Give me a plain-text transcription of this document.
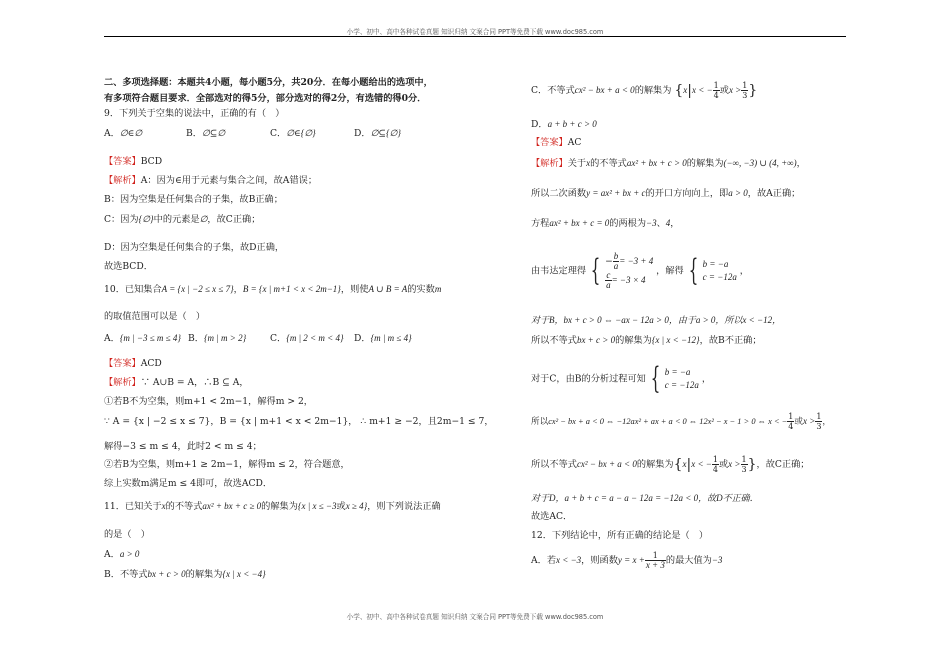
小学、初中、高中各种试卷真题 知识归纳 文案合同 PPT等免费下载 www.doc985.com
二、多项选择题：本题共4小题，每小题5分，共20分．在每小题给出的选项中，
有多项符合题目要求．全部选对的得5分，部分选对的得2分，有选错的得0分．
9．下列关于空集的说法中，正确的有（　）
A．∅∈∅	B．∅⊆∅	C．∅∈{∅}	D．∅⊆{∅}
【答案】BCD
【解析】A：因为∈用于元素与集合之间，故A错误；
B：因为空集是任何集合的子集，故B正确；
C：因为{∅}中的元素是∅，故C正确；
D：因为空集是任何集合的子集，故D正确，
故选BCD．
10．已知集合A = {x | −2 ≤ x ≤ 7}，B = {x | m+1 < x < 2m−1}，则使A ∪ B = A的实数m
的取值范围可以是（　）
A．{m | −3 ≤ m ≤ 4} B．{m | m > 2}	C．{m | 2 < m < 4}	D．{m | m ≤ 4}
【答案】ACD
【解析】∵ A∪B = A，∴B ⊆ A，
①若B不为空集，则m+1 < 2m−1，解得m > 2，
∵ A = {x | −2 ≤ x ≤ 7}，B = {x | m+1 < x < 2m−1}， ∴ m+1 ≥ −2，且2m−1 ≤ 7，
解得−3 ≤ m ≤ 4，此时2 < m ≤ 4；
②若B为空集，则m+1 ≥ 2m−1，解得m ≤ 2，符合题意，
综上实数m满足m ≤ 4即可，故选ACD．
11．已知关于x的不等式ax² + bx + c ≥ 0的解集为{x | x ≤ −3或x ≥ 4}，则下列说法正确
的是（　）
A．a > 0
B．不等式bx + c > 0的解集为{x | x < −4}
C．不等式cx² − bx + a < 0的解集为 {x|x < − $\frac{1}{4}$ 或$x > \frac{1}{3}$ }
D．a + b + c > 0
【答案】AC
【解析】关于x的不等式ax² + bx + c > 0的解集为(−∞, −3) ∪ (4, +∞)，
所以二次函数y = ax² + bx + c的开口方向向上，即a > 0，故A正确；
方程ax² + bx + c = 0的两根为−3、4，
由韦达定理得 { − $\frac{b}{a} = -3 + 4$
$\frac{c}{a} = -3 \times 4$
，解得 { b = −a
c = −12a
，
对于B，bx + c > 0 ⇔ −ax − 12a > 0，由于a > 0，所以x < −12，
所以不等式bx + c > 0的解集为{x | x < −12}，故B不正确；
对于C，由B的分析过程可知 { b = −a
c = −12a
，
所以cx² − bx + a < 0 ⇔ −12ax² + ax + a < 0 ⇔ 12x² − x − 1 > 0 ⇔ x < − $\frac{1}{4}$ 或$x > \frac{1}{3}$ ，
所以不等式cx² − bx + a < 0的解集为{x|x < − $\frac{1}{4}$ 或$x > \frac{1}{3}$ }，故C正确；
对于D，a + b + c = a − a − 12a = −12a < 0，故D不正确．
故选AC．
12．下列结论中，所有正确的结论是（　）
A．若x < −3，则函数$y = x + \frac{1}{x + 3}$ 的最大值为−3
小学、初中、高中各种试卷真题 知识归纳 文案合同 PPT等免费下载 www.doc985.com
